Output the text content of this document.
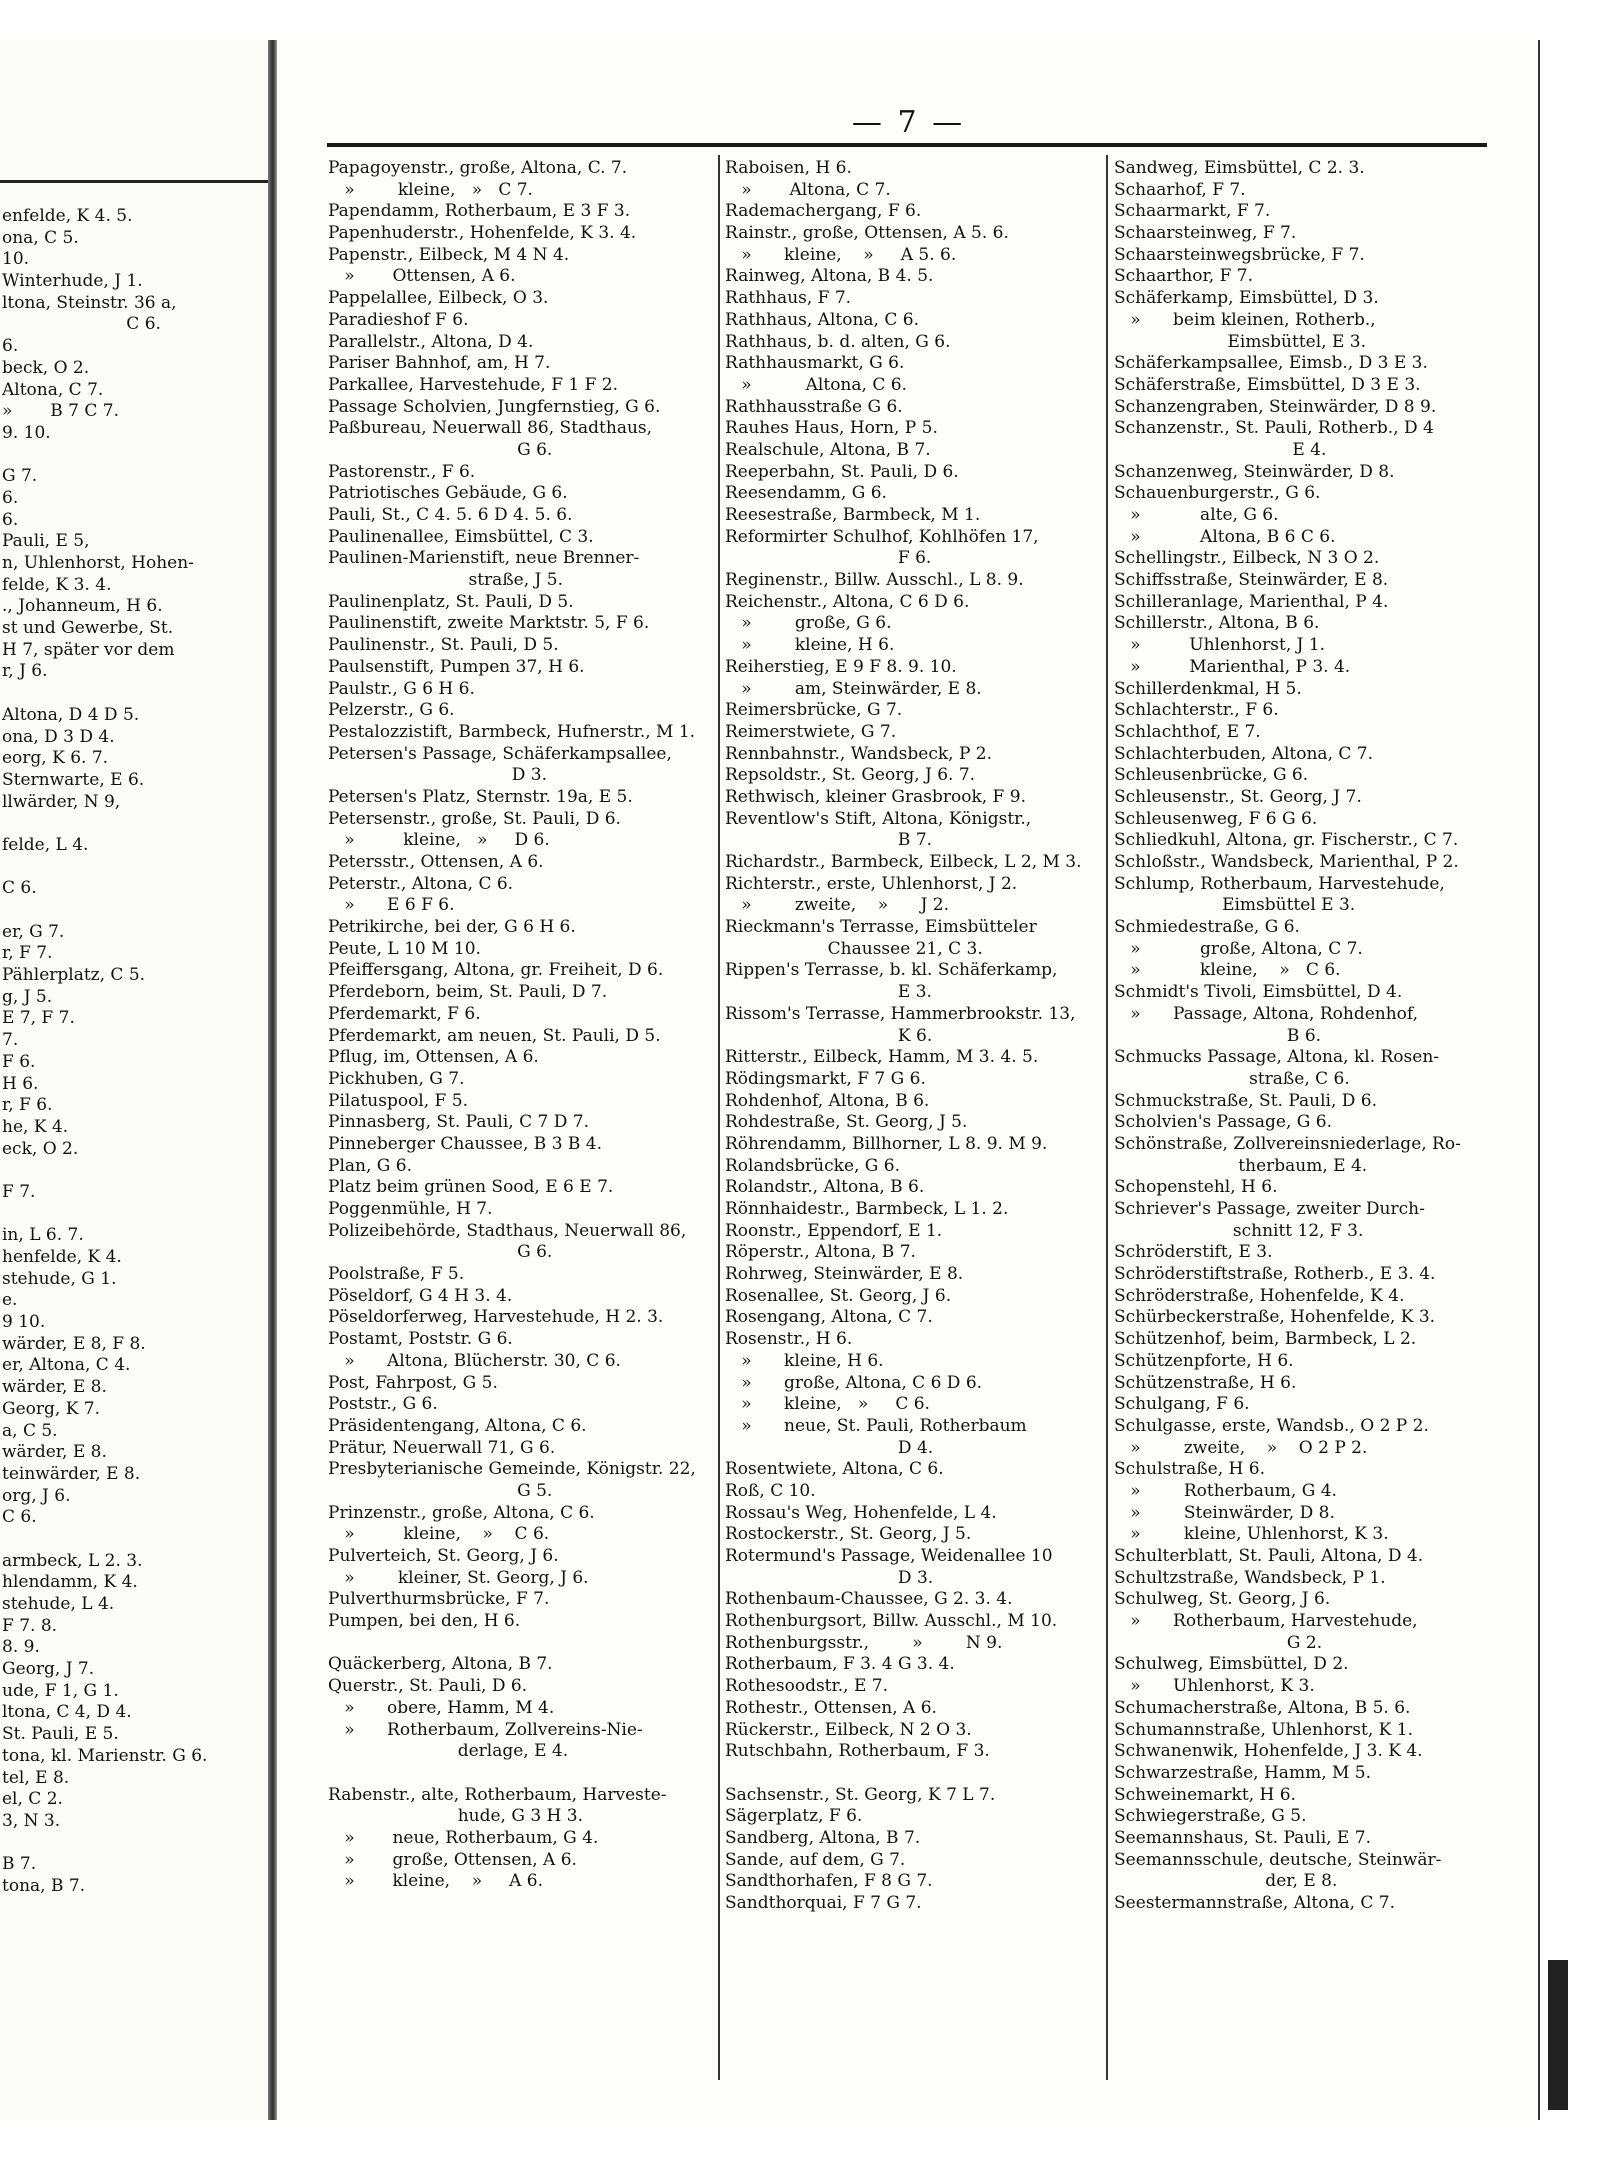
enfelde, K 4. 5.
ona, C 5.
10.
Winterhude, J 1.
ltona, Steinstr. 36 a,
C 6.
6.
beck, O 2.
Altona, C 7.
»       B 7 C 7.
9. 10.
G 7.
6.
6.
Pauli, E 5,
n, Uhlenhorst, Hohen-
felde, K 3. 4.
., Johanneum, H 6.
st und Gewerbe, St.
H 7, später vor dem
r, J 6.
Altona, D 4 D 5.
ona, D 3 D 4.
eorg, K 6. 7.
Sternwarte, E 6.
llwärder, N 9,
felde, L 4.
C 6.
er, G 7.
r, F 7.
Pählerplatz, C 5.
g, J 5.
E 7, F 7.
7.
F 6.
H 6.
r, F 6.
he, K 4.
eck, O 2.
F 7.
in, L 6. 7.
henfelde, K 4.
stehude, G 1.
e.
9 10.
wärder, E 8, F 8.
er, Altona, C 4.
wärder, E 8.
Georg, K 7.
a, C 5.
wärder, E 8.
teinwärder, E 8.
org, J 6.
C 6.
armbeck, L 2. 3.
hlendamm, K 4.
stehude, L 4.
F 7. 8.
8. 9.
Georg, J 7.
ude, F 1, G 1.
ltona, C 4, D 4.
St. Pauli, E 5.
tona, kl. Marienstr. G 6.
tel, E 8.
el, C 2.
3, N 3.
B 7.
tona, B 7.
— 7 —
Papagoyenstr., große, Altona, C. 7.
»        kleine,   »   C 7.
Papendamm, Rotherbaum, E 3 F 3.
Papenhuderstr., Hohenfelde, K 3. 4.
Papenstr., Eilbeck, M 4 N 4.
»       Ottensen, A 6.
Pappelallee, Eilbeck, O 3.
Paradieshof F 6.
Parallelstr., Altona, D 4.
Pariser Bahnhof, am, H 7.
Parkallee, Harvestehude, F 1 F 2.
Passage Scholvien, Jungfernstieg, G 6.
Paßbureau, Neuerwall 86, Stadthaus,
G 6.
Pastorenstr., F 6.
Patriotisches Gebäude, G 6.
Pauli, St., C 4. 5. 6 D 4. 5. 6.
Paulinenallee, Eimsbüttel, C 3.
Paulinen-Marienstift, neue Brenner-
straße, J 5.
Paulinenplatz, St. Pauli, D 5.
Paulinenstift, zweite Marktstr. 5, F 6.
Paulinenstr., St. Pauli, D 5.
Paulsenstift, Pumpen 37, H 6.
Paulstr., G 6 H 6.
Pelzerstr., G 6.
Pestalozzistift, Barmbeck, Hufnerstr., M 1.
Petersen's Passage, Schäferkampsallee,
D 3.
Petersen's Platz, Sternstr. 19a, E 5.
Petersenstr., große, St. Pauli, D 6.
»         kleine,   »     D 6.
Petersstr., Ottensen, A 6.
Peterstr., Altona, C 6.
»      E 6 F 6.
Petrikirche, bei der, G 6 H 6.
Peute, L 10 M 10.
Pfeiffersgang, Altona, gr. Freiheit, D 6.
Pferdeborn, beim, St. Pauli, D 7.
Pferdemarkt, F 6.
Pferdemarkt, am neuen, St. Pauli, D 5.
Pflug, im, Ottensen, A 6.
Pickhuben, G 7.
Pilatuspool, F 5.
Pinnasberg, St. Pauli, C 7 D 7.
Pinneberger Chaussee, B 3 B 4.
Plan, G 6.
Platz beim grünen Sood, E 6 E 7.
Poggenmühle, H 7.
Polizeibehörde, Stadthaus, Neuerwall 86,
G 6.
Poolstraße, F 5.
Pöseldorf, G 4 H 3. 4.
Pöseldorferweg, Harvestehude, H 2. 3.
Postamt, Poststr. G 6.
»      Altona, Blücherstr. 30, C 6.
Post, Fahrpost, G 5.
Poststr., G 6.
Präsidentengang, Altona, C 6.
Prätur, Neuerwall 71, G 6.
Presbyterianische Gemeinde, Königstr. 22,
G 5.
Prinzenstr., große, Altona, C 6.
»         kleine,    »    C 6.
Pulverteich, St. Georg, J 6.
»        kleiner, St. Georg, J 6.
Pulverthurmsbrücke, F 7.
Pumpen, bei den, H 6.
Quäckerberg, Altona, B 7.
Querstr., St. Pauli, D 6.
»      obere, Hamm, M 4.
»      Rotherbaum, Zollvereins-Nie-
derlage, E 4.
Rabenstr., alte, Rotherbaum, Harveste-
hude, G 3 H 3.
»       neue, Rotherbaum, G 4.
»       große, Ottensen, A 6.
»       kleine,    »     A 6.
Raboisen, H 6.
»       Altona, C 7.
Rademachergang, F 6.
Rainstr., große, Ottensen, A 5. 6.
»      kleine,    »     A 5. 6.
Rainweg, Altona, B 4. 5.
Rathhaus, F 7.
Rathhaus, Altona, C 6.
Rathhaus, b. d. alten, G 6.
Rathhausmarkt, G 6.
»          Altona, C 6.
Rathhausstraße G 6.
Rauhes Haus, Horn, P 5.
Realschule, Altona, B 7.
Reeperbahn, St. Pauli, D 6.
Reesendamm, G 6.
Reesestraße, Barmbeck, M 1.
Reformirter Schulhof, Kohlhöfen 17,
F 6.
Reginenstr., Billw. Ausschl., L 8. 9.
Reichenstr., Altona, C 6 D 6.
»        große, G 6.
»        kleine, H 6.
Reiherstieg, E 9 F 8. 9. 10.
»        am, Steinwärder, E 8.
Reimersbrücke, G 7.
Reimerstwiete, G 7.
Rennbahnstr., Wandsbeck, P 2.
Repsoldstr., St. Georg, J 6. 7.
Rethwisch, kleiner Grasbrook, F 9.
Reventlow's Stift, Altona, Königstr.,
B 7.
Richardstr., Barmbeck, Eilbeck, L 2, M 3.
Richterstr., erste, Uhlenhorst, J 2.
»        zweite,    »      J 2.
Rieckmann's Terrasse, Eimsbütteler
Chaussee 21, C 3.
Rippen's Terrasse, b. kl. Schäferkamp,
E 3.
Rissom's Terrasse, Hammerbrookstr. 13,
K 6.
Ritterstr., Eilbeck, Hamm, M 3. 4. 5.
Rödingsmarkt, F 7 G 6.
Rohdenhof, Altona, B 6.
Rohdestraße, St. Georg, J 5.
Röhrendamm, Billhorner, L 8. 9. M 9.
Rolandsbrücke, G 6.
Rolandstr., Altona, B 6.
Rönnhaidestr., Barmbeck, L 1. 2.
Roonstr., Eppendorf, E 1.
Röperstr., Altona, B 7.
Rohrweg, Steinwärder, E 8.
Rosenallee, St. Georg, J 6.
Rosengang, Altona, C 7.
Rosenstr., H 6.
»      kleine, H 6.
»      große, Altona, C 6 D 6.
»      kleine,   »     C 6.
»      neue, St. Pauli, Rotherbaum
D 4.
Rosentwiete, Altona, C 6.
Roß, C 10.
Rossau's Weg, Hohenfelde, L 4.
Rostockerstr., St. Georg, J 5.
Rotermund's Passage, Weidenallee 10
D 3.
Rothenbaum-Chaussee, G 2. 3. 4.
Rothenburgsort, Billw. Ausschl., M 10.
Rothenburgsstr.,        »        N 9.
Rotherbaum, F 3. 4 G 3. 4.
Rothesoodstr., E 7.
Rothestr., Ottensen, A 6.
Rückerstr., Eilbeck, N 2 O 3.
Rutschbahn, Rotherbaum, F 3.
Sachsenstr., St. Georg, K 7 L 7.
Sägerplatz, F 6.
Sandberg, Altona, B 7.
Sande, auf dem, G 7.
Sandthorhafen, F 8 G 7.
Sandthorquai, F 7 G 7.
Sandweg, Eimsbüttel, C 2. 3.
Schaarhof, F 7.
Schaarmarkt, F 7.
Schaarsteinweg, F 7.
Schaarsteinwegsbrücke, F 7.
Schaarthor, F 7.
Schäferkamp, Eimsbüttel, D 3.
»      beim kleinen, Rotherb.,
Eimsbüttel, E 3.
Schäferkampsallee, Eimsb., D 3 E 3.
Schäferstraße, Eimsbüttel, D 3 E 3.
Schanzengraben, Steinwärder, D 8 9.
Schanzenstr., St. Pauli, Rotherb., D 4
E 4.
Schanzenweg, Steinwärder, D 8.
Schauenburgerstr., G 6.
»           alte, G 6.
»           Altona, B 6 C 6.
Schellingstr., Eilbeck, N 3 O 2.
Schiffsstraße, Steinwärder, E 8.
Schilleranlage, Marienthal, P 4.
Schillerstr., Altona, B 6.
»         Uhlenhorst, J 1.
»         Marienthal, P 3. 4.
Schillerdenkmal, H 5.
Schlachterstr., F 6.
Schlachthof, E 7.
Schlachterbuden, Altona, C 7.
Schleusenbrücke, G 6.
Schleusenstr., St. Georg, J 7.
Schleusenweg, F 6 G 6.
Schliedkuhl, Altona, gr. Fischerstr., C 7.
Schloßstr., Wandsbeck, Marienthal, P 2.
Schlump, Rotherbaum, Harvestehude,
Eimsbüttel E 3.
Schmiedestraße, G 6.
»           große, Altona, C 7.
»           kleine,    »   C 6.
Schmidt's Tivoli, Eimsbüttel, D 4.
»      Passage, Altona, Rohdenhof,
B 6.
Schmucks Passage, Altona, kl. Rosen-
straße, C 6.
Schmuckstraße, St. Pauli, D 6.
Scholvien's Passage, G 6.
Schönstraße, Zollvereinsniederlage, Ro-
therbaum, E 4.
Schopenstehl, H 6.
Schriever's Passage, zweiter Durch-
schnitt 12, F 3.
Schröderstift, E 3.
Schröderstiftstraße, Rotherb., E 3. 4.
Schröderstraße, Hohenfelde, K 4.
Schürbeckerstraße, Hohenfelde, K 3.
Schützenhof, beim, Barmbeck, L 2.
Schützenpforte, H 6.
Schützenstraße, H 6.
Schulgang, F 6.
Schulgasse, erste, Wandsb., O 2 P 2.
»        zweite,    »    O 2 P 2.
Schulstraße, H 6.
»        Rotherbaum, G 4.
»        Steinwärder, D 8.
»        kleine, Uhlenhorst, K 3.
Schulterblatt, St. Pauli, Altona, D 4.
Schultzstraße, Wandsbeck, P 1.
Schulweg, St. Georg, J 6.
»      Rotherbaum, Harvestehude,
G 2.
Schulweg, Eimsbüttel, D 2.
»      Uhlenhorst, K 3.
Schumacherstraße, Altona, B 5. 6.
Schumannstraße, Uhlenhorst, K 1.
Schwanenwik, Hohenfelde, J 3. K 4.
Schwarzestraße, Hamm, M 5.
Schweinemarkt, H 6.
Schwiegerstraße, G 5.
Seemannshaus, St. Pauli, E 7.
Seemannsschule, deutsche, Steinwär-
der, E 8.
Seestermannstraße, Altona, C 7.
